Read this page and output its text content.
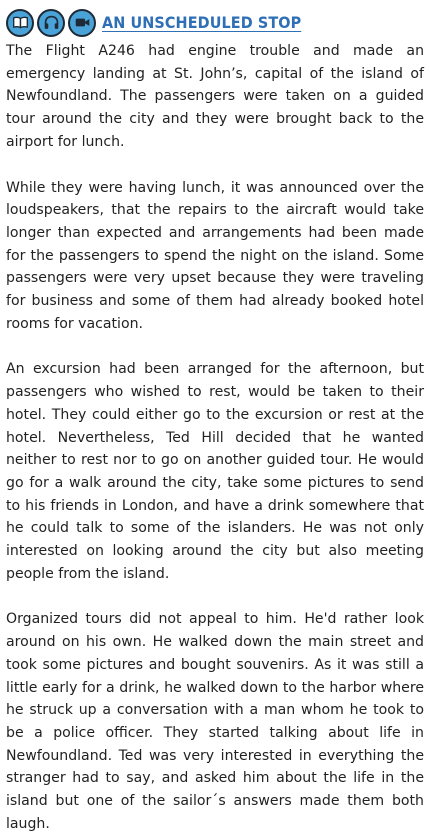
AN UNSCHEDULED STOP

The Flight A246 had engine trouble and made an emergency landing at St. John’s, capital of the island of Newfoundland. The passengers were taken on a guided tour around the city and they were brought back to the airport for lunch.

While they were having lunch, it was announced over the loudspeakers, that the repairs to the aircraft would take longer than expected and arrangements had been made for the passengers to spend the night on the island. Some passengers were very upset because they were traveling for business and some of them had already booked hotel rooms for vacation.

An excursion had been arranged for the afternoon, but passengers who wished to rest, would be taken to their hotel. They could either go to the excursion or rest at the hotel. Nevertheless, Ted Hill decided that he wanted neither to rest nor to go on another guided tour. He would go for a walk around the city, take some pictures to send to his friends in London, and have a drink somewhere that he could talk to some of the islanders. He was not only interested on looking around the city but also meeting people from the island.

Organized tours did not appeal to him. He'd rather look around on his own. He walked down the main street and took some pictures and bought souvenirs. As it was still a little early for a drink, he walked down to the harbor where he struck up a conversation with a man whom he took to be a police officer. They started talking about life in Newfoundland. Ted was very interested in everything the stranger had to say, and asked him about the life in the island but one of the sailor´s answers made them both laugh.
